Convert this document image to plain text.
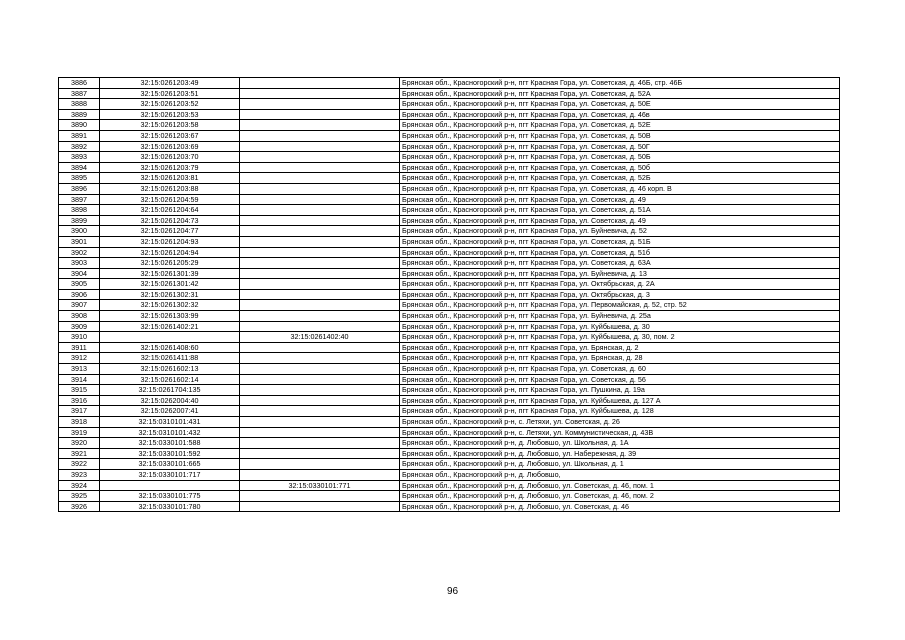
3886	32:15:0261203:49		Брянская обл., Красногорский р-н, пгт Красная Гора, ул. Советская, д. 46Б, стр. 46Б
3887	32:15:0261203:51		Брянская обл., Красногорский р-н, пгт Красная Гора, ул. Советская, д. 52А
3888	32:15:0261203:52		Брянская обл., Красногорский р-н, пгт Красная Гора, ул. Советская, д. 50Е
3889	32:15:0261203:53		Брянская обл., Красногорский р-н, пгт Красная Гора, ул. Советская, д. 46в
3890	32:15:0261203:58		Брянская обл., Красногорский р-н, пгт Красная Гора, ул. Советская, д. 52Е
3891	32:15:0261203:67		Брянская обл., Красногорский р-н, пгт Красная Гора, ул. Советская, д. 50В
3892	32:15:0261203:69		Брянская обл., Красногорский р-н, пгт Красная Гора, ул. Советская, д. 50Г
3893	32:15:0261203:70		Брянская обл., Красногорский р-н, пгт Красная Гора, ул. Советская, д. 50Б
3894	32:15:0261203:79		Брянская обл., Красногорский р-н, пгт Красная Гора, ул. Советская, д. 50б
3895	32:15:0261203:81		Брянская обл., Красногорский р-н, пгт Красная Гора, ул. Советская, д. 52Б
3896	32:15:0261203:88		Брянская обл., Красногорский р-н, пгт Красная Гора, ул. Советская, д. 46 корп. В
3897	32:15:0261204:59		Брянская обл., Красногорский р-н, пгт Красная Гора, ул. Советская, д. 49
3898	32:15:0261204:64		Брянская обл., Красногорский р-н, пгт Красная Гора, ул. Советская, д. 51А
3899	32:15:0261204:73		Брянская обл., Красногорский р-н, пгт Красная Гора, ул. Советская, д. 49
3900	32:15:0261204:77		Брянская обл., Красногорский р-н, пгт Красная Гора, ул. Буйневича, д. 52
3901	32:15:0261204:93		Брянская обл., Красногорский р-н, пгт Красная Гора, ул. Советская, д. 51Б
3902	32:15:0261204:94		Брянская обл., Красногорский р-н, пгт Красная Гора, ул. Советская, д. 51б
3903	32:15:0261205:29		Брянская обл., Красногорский р-н, пгт Красная Гора, ул. Советская, д. 63А
3904	32:15:0261301:39		Брянская обл., Красногорский р-н, пгт Красная Гора, ул. Буйневича, д. 13
3905	32:15:0261301:42		Брянская обл., Красногорский р-н, пгт Красная Гора, ул. Октябрьская, д. 2А
3906	32:15:0261302:31		Брянская обл., Красногорский р-н, пгт Красная Гора, ул. Октябрьская, д. 3
3907	32:15:0261302:32		Брянская обл., Красногорский р-н, пгт Красная Гора, ул. Первомайская, д. 52, стр. 52
3908	32:15:0261303:99		Брянская обл., Красногорский р-н, пгт Красная Гора, ул. Буйневича, д. 25а
3909	32:15:0261402:21		Брянская обл., Красногорский р-н, пгт Красная Гора, ул. Куйбышева, д. 30
3910		32:15:0261402:40	Брянская обл., Красногорский р-н, пгт Красная Гора, ул. Куйбышева, д. 30, пом. 2
3911	32:15:0261408:60		Брянская обл., Красногорский р-н, пгт Красная Гора, ул. Брянская, д. 2
3912	32:15:0261411:88		Брянская обл., Красногорский р-н, пгт Красная Гора, ул. Брянская, д. 28
3913	32:15:0261602:13		Брянская обл., Красногорский р-н, пгт Красная Гора, ул. Советская, д. 60
3914	32:15:0261602:14		Брянская обл., Красногорский р-н, пгт Красная Гора, ул. Советская, д. 56
3915	32:15:0261704:135		Брянская обл., Красногорский р-н, пгт Красная Гора, ул. Пушкина, д. 19а
3916	32:15:0262004:40		Брянская обл., Красногорский р-н, пгт Красная Гора, ул. Куйбышева, д. 127 А
3917	32:15:0262007:41		Брянская обл., Красногорский р-н, пгт Красная Гора, ул. Куйбышева, д. 128
3918	32:15:0310101:431		Брянская обл., Красногорский р-н, с. Летяхи, ул. Советская, д. 26
3919	32:15:0310101:432		Брянская обл., Красногорский р-н, с. Летяхи, ул. Коммунистическая, д. 43В
3920	32:15:0330101:588		Брянская обл., Красногорский р-н, д. Любовшо, ул. Школьная, д. 1А
3921	32:15:0330101:592		Брянская обл., Красногорский р-н, д. Любовшо, ул. Набережная, д. 39
3922	32:15:0330101:665		Брянская обл., Красногорский р-н, д. Любовшо, ул. Школьная, д. 1
3923	32:15:0330101:717		Брянская обл., Красногорский р-н, д. Любовшо,
3924		32:15:0330101:771	Брянская обл., Красногорский р-н, д. Любовшо, ул. Советская, д. 46, пом. 1
3925	32:15:0330101:775		Брянская обл., Красногорский р-н, д. Любовшо, ул. Советская, д. 46, пом. 2
3926	32:15:0330101:780		Брянская обл., Красногорский р-н, д. Любовшо, ул. Советская, д. 46
96
